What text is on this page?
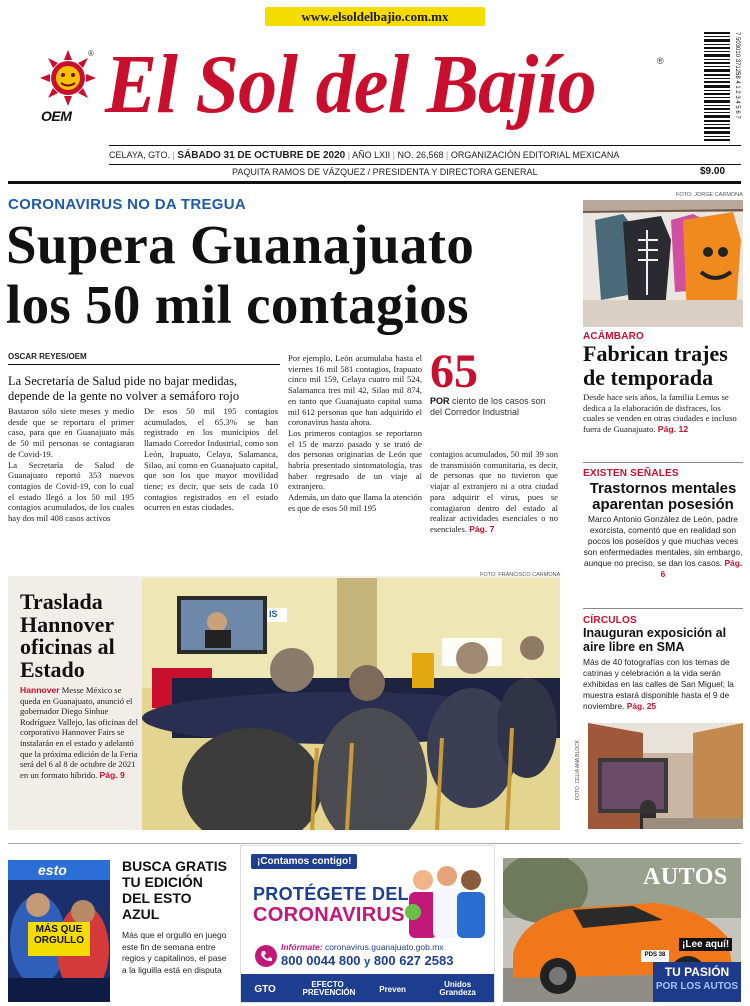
www.elsoldelbajio.com.mx
OEM
® El Sol del Bajío	®	7 503010 371258 4 1 2 3 4 5 6 7
CELAYA, GTO. | SÁBADO 31 DE OCTUBRE DE 2020 | AÑO LXII | NO. 26,568 | ORGANIZACIÓN EDITORIAL MEXICANA
PAQUITA RAMOS DE VÁZQUEZ / PRESIDENTA Y DIRECTORA GENERAL	$9.00
CORONAVIRUS NO DA TREGUA
Supera Guanajuato
los 50 mil contagios
OSCAR REYES/OEM
La Secretaría de Salud pide no bajar medidas, depende de la gente no volver a semáforo rojo
Bastaron sólo siete meses y medio desde que se reportara el primer caso, para que en Guanajuato más de 50 mil personas se contagiaran de Covid-19.
La Secretaría de Salud de Guanajuato reportó 353 nuevos contagios de Covid-19, con lo cual el estado llegó a los 50 mil 195 contagios acumulados, de los cuales hay dos mil 408 casos activos
De esos 50 mil 195 contagios acumulados, el 65.3% se han registrado en los municipios del llamado Corredor Industrial, como son León, Irapuato, Celaya, Salamanca, Silao, así como en Guanajuato capital, que son los que mayor movilidad tiene; es decir, que seis de cada 10 contagios registrados en el estado ocurren en estas ciudades.
Por ejemplo, León acumulaba hasta el viernes 16 mil 581 contagios, Irapuato cinco mil 159, Celaya cuatro mil 524, Salamanca tres mil 42, Silao mil 874, en tanto que Guanajuato capital suma mil 612 personas que han adquirido el coronavirus hasta ahora.
Los primeros contagios se reportaron el 15 de marzo pasado y se trató de dos personas originarias de León que habría presentado sintomatología, tras haber regresado de un viaje al extranjero.
Además, un dato que llama la atención es que de esos 50 mil 195
65
POR ciento de los casos son del Corredor Industrial
contagios acumulados, 50 mil 39 son de transmisión comunitaria, es decir, de personas que no tuvieron que viajar al extranjero ni a otra ciudad para adquirir el virus, pues se contagiaron dentro del estado al realizar actividades esenciales o no esenciales. Pág. 7
FOTO: JORGE CARMONA
ACÁMBARO
Fabrican trajes de temporada
Desde hace seis años, la familia Lemus se dedica a la elaboración de disfraces, los cuales se venden en otras ciudades e incluso fuera de Guanajuato. Pág. 12
EXISTEN SEÑALES
Trastornos mentales aparentan posesión
Marco Antonio González de León, padre exorcista, comentó que en realidad son pocos los poseídos y que muchas veces son enfermedades mentales, sin embargo, aunque no preciso, se dan los casos. Pág. 6
CÍRCULOS
Inauguran exposición al aire libre en SMA
Más de 40 fotografías con los temas de catrinas y celebración a la vida serán exhibidas en las calles de San Miguel; la muestra estará disponible hasta el 9 de noviembre. Pág. 25
FOTO: CELIA ANA BLOCK
Traslada Hannover oficinas al Estado
Hannover Messe México se queda en Guanajuato, anunció el gobernador Diego Sinhue Rodríguez Vallejo, las oficinas del corporativo Hannover Fairs se instalarán en el estado y adelantó que la próxima edición de la Feria será del 6 al 8 de octubre de 2021 en un formato híbrido. Pág. 9
FOTO: FRANCISCO CARMONA
IS
esto
MÁS QUE ORGULLO
BUSCA GRATIS TU EDICIÓN DEL ESTO AZUL
Más que el orgullo en juego este fin de semana entre regios y capitalinos, el pase a la liguilla está en disputa
¡Contamos contigo!
PROTÉGETE DEL
CORONAVIRUS
Infórmate: coronavirus.guanajuato.gob.mx
800 0044 800 y 800 627 2583
GTO	EFECTO PREVENCIÓN	Preven	Unidos Grandeza
PDS 38
AUTOS
¡Lee aquí!
TU PASIÓN
POR LOS AUTOS
